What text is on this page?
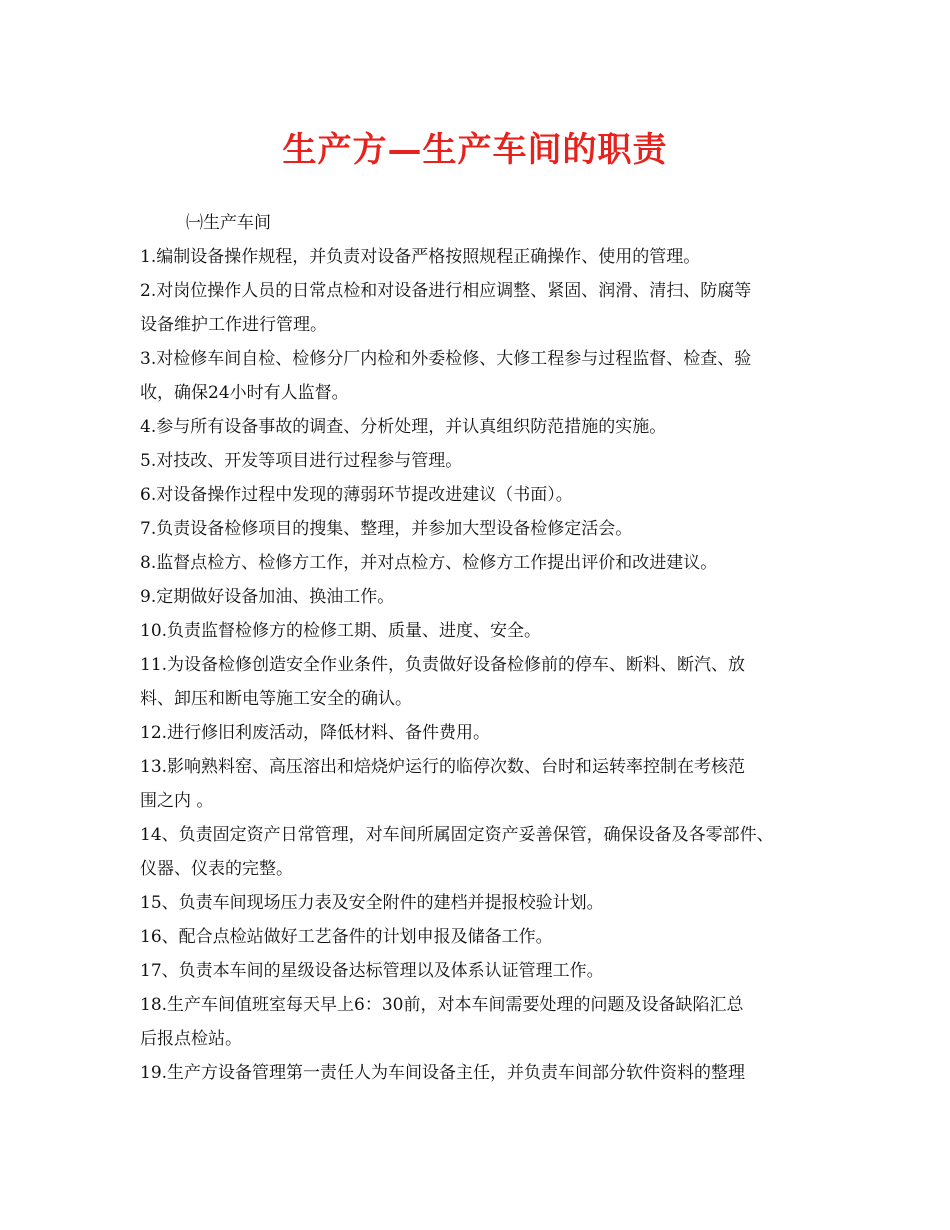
生产方—生产车间的职责
㈠生产车间
1.编制设备操作规程，并负责对设备严格按照规程正确操作、使用的管理。
2.对岗位操作人员的日常点检和对设备进行相应调整、紧固、润滑、清扫、防腐等
设备维护工作进行管理。
3.对检修车间自检、检修分厂内检和外委检修、大修工程参与过程监督、检查、验
收，确保24小时有人监督。
4.参与所有设备事故的调查、分析处理，并认真组织防范措施的实施。
5.对技改、开发等项目进行过程参与管理。
6.对设备操作过程中发现的薄弱环节提改进建议（书面）。
7.负责设备检修项目的搜集、整理，并参加大型设备检修定活会。
8.监督点检方、检修方工作，并对点检方、检修方工作提出评价和改进建议。
9.定期做好设备加油、换油工作。
10.负责监督检修方的检修工期、质量、进度、安全。
11.为设备检修创造安全作业条件，负责做好设备检修前的停车、断料、断汽、放
料、卸压和断电等施工安全的确认。
12.进行修旧利废活动，降低材料、备件费用。
13.影响熟料窑、高压溶出和焙烧炉运行的临停次数、台时和运转率控制在考核范
围之内 。
14、负责固定资产日常管理，对车间所属固定资产妥善保管，确保设备及各零部件、
仪器、仪表的完整。
15、负责车间现场压力表及安全附件的建档并提报校验计划。
16、配合点检站做好工艺备件的计划申报及储备工作。
17、负责本车间的星级设备达标管理以及体系认证管理工作。
18.生产车间值班室每天早上6：30前，对本车间需要处理的问题及设备缺陷汇总
后报点检站。
19.生产方设备管理第一责任人为车间设备主任，并负责车间部分软件资料的整理
